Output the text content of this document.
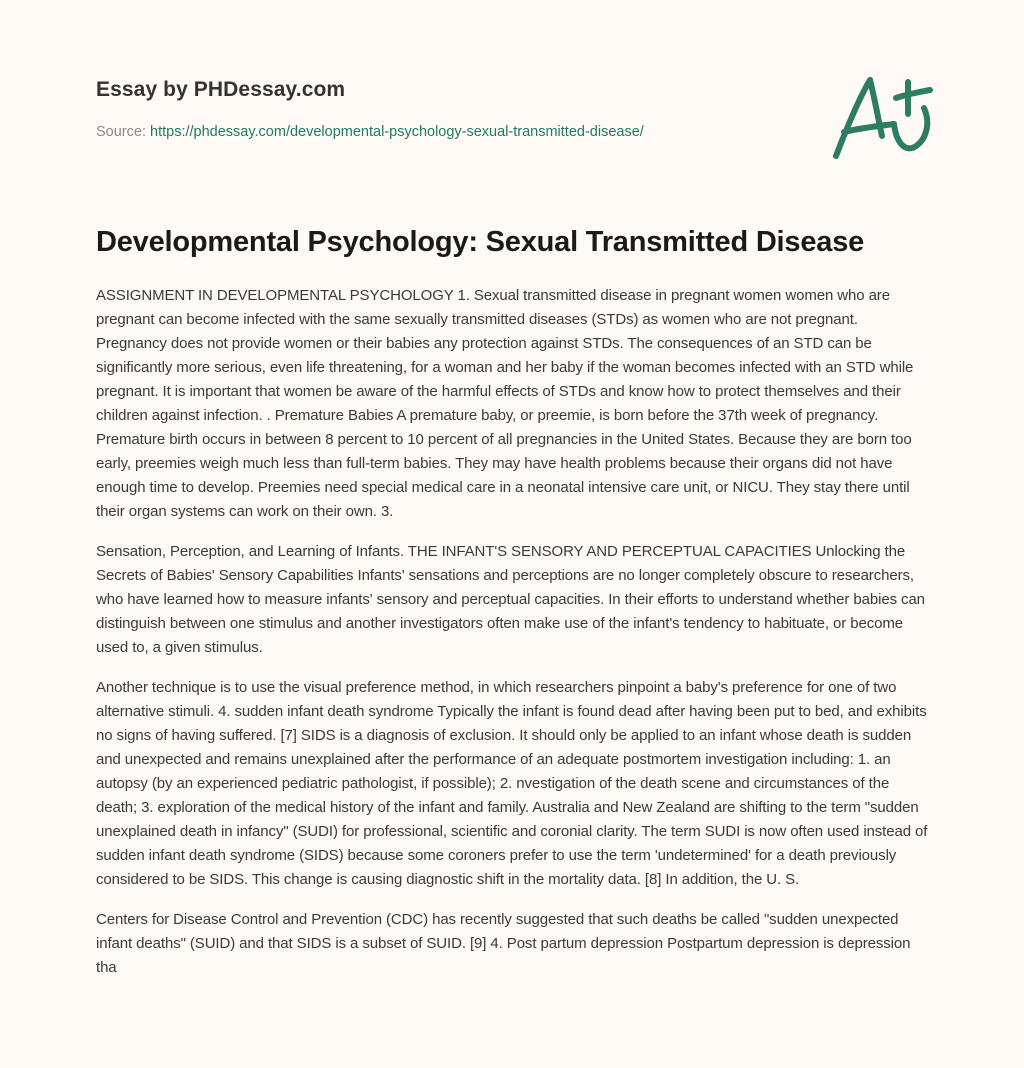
Essay by PHDessay.com
Source: https://phdessay.com/developmental-psychology-sexual-transmitted-disease/
Developmental Psychology: Sexual Transmitted Disease

ASSIGNMENT IN DEVELOPMENTAL PSYCHOLOGY 1. Sexual transmitted disease in pregnant women women who are pregnant can become infected with the same sexually transmitted diseases (STDs) as women who are not pregnant. Pregnancy does not provide women or their babies any protection against STDs. The consequences of an STD can be significantly more serious, even life threatening, for a woman and her baby if the woman becomes infected with an STD while pregnant. It is important that women be aware of the harmful effects of STDs and know how to protect themselves and their children against infection. . Premature Babies A premature baby, or preemie, is born before the 37th week of pregnancy. Premature birth occurs in between 8 percent to 10 percent of all pregnancies in the United States. Because they are born too early, preemies weigh much less than full-term babies. They may have health problems because their organs did not have enough time to develop. Preemies need special medical care in a neonatal intensive care unit, or NICU. They stay there until their organ systems can work on their own. 3.

Sensation, Perception, and Learning of Infants. THE INFANT'S SENSORY AND PERCEPTUAL CAPACITIES Unlocking the Secrets of Babies' Sensory Capabilities Infants' sensations and perceptions are no longer completely obscure to researchers, who have learned how to measure infants' sensory and perceptual capacities. In their efforts to understand whether babies can distinguish between one stimulus and another investigators often make use of the infant's tendency to habituate, or become used to, a given stimulus.

Another technique is to use the visual preference method, in which researchers pinpoint a baby's preference for one of two alternative stimuli. 4. sudden infant death syndrome Typically the infant is found dead after having been put to bed, and exhibits no signs of having suffered. [7] SIDS is a diagnosis of exclusion. It should only be applied to an infant whose death is sudden and unexpected and remains unexplained after the performance of an adequate postmortem investigation including: 1. an autopsy (by an experienced pediatric pathologist, if possible); 2. nvestigation of the death scene and circumstances of the death; 3. exploration of the medical history of the infant and family. Australia and New Zealand are shifting to the term "sudden unexplained death in infancy" (SUDI) for professional, scientific and coronial clarity. The term SUDI is now often used instead of sudden infant death syndrome (SIDS) because some coroners prefer to use the term 'undetermined' for a death previously considered to be SIDS. This change is causing diagnostic shift in the mortality data. [8] In addition, the U. S.

Centers for Disease Control and Prevention (CDC) has recently suggested that such deaths be called "sudden unexpected infant deaths" (SUID) and that SIDS is a subset of SUID. [9] 4. Post partum depression Postpartum depression is depression tha
